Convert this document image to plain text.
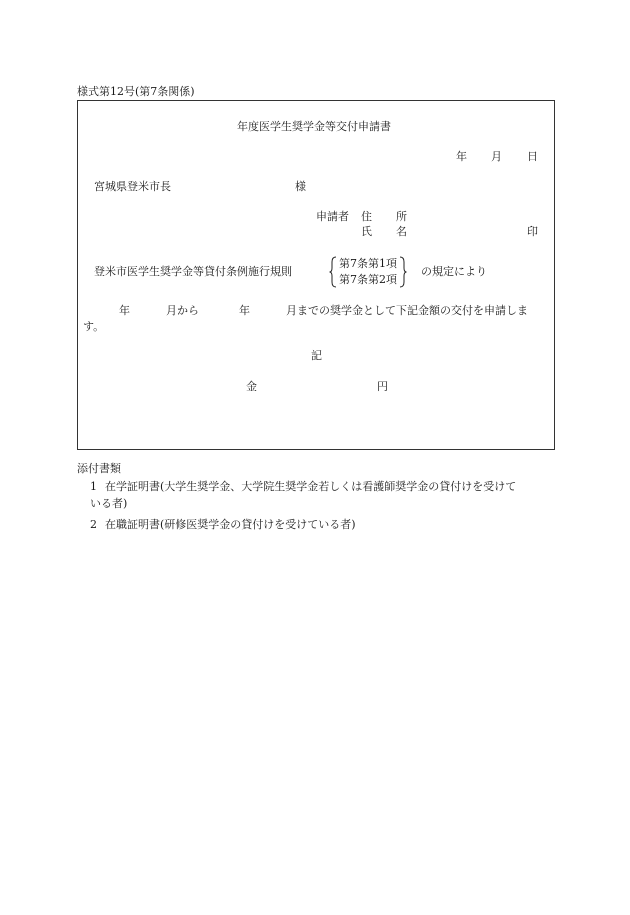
様式第12号(第7条関係)
年度医学生奨学金等交付申請書
年 月 日
宮城県登米市長	様
申請者 住 所
氏 名	印
登米市医学生奨学金等貸付条例施行規則
第7条第1項
第7条第2項
の規定により
年	月から	年	月までの奨学金として下記金額の交付を申請しま
す。
記
金	円
添付書類
1 在学証明書(大学生奨学金、大学院生奨学金若しくは看護師奨学金の貸付けを受けて
いる者)
2 在職証明書(研修医奨学金の貸付けを受けている者)
